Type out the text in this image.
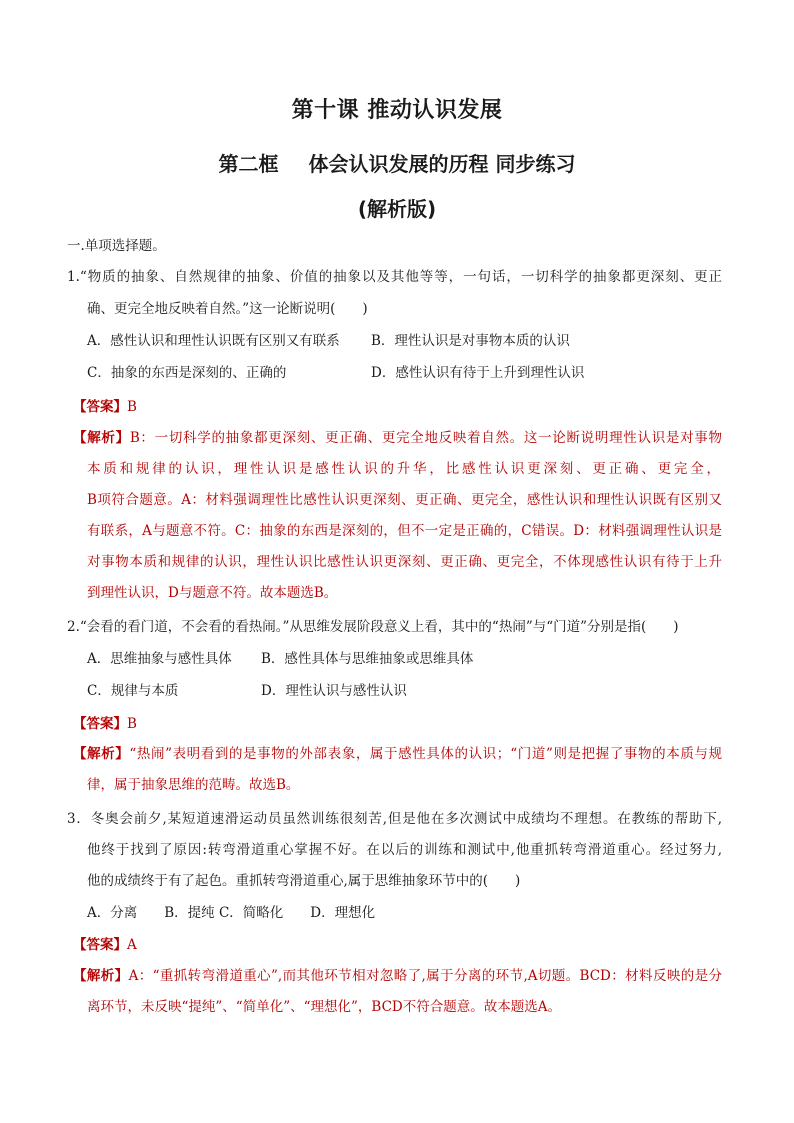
第十课 推动认识发展
第二框 体会认识发展的历程 同步练习
(解析版)
一.单项选择题。
1.“物质的抽象、自然规律的抽象、价值的抽象以及其他等等，一句话，一切科学的抽象都更深刻、更正
确、更完全地反映着自然。”这一论断说明(　　)
A．感性认识和理性认识既有区别又有联系 B．理性认识是对事物本质的认识
C．抽象的东西是深刻的、正确的	D．感性认识有待于上升到理性认识
【答案】B
【解析】B：一切科学的抽象都更深刻、更正确、更完全地反映着自然。这一论断说明理性认识是对事物
本质和规律的认识，理性认识是感性认识的升华，比感性认识更深刻、更正确、更完全，
B项符合题意。A：材料强调理性比感性认识更深刻、更正确、更完全，感性认识和理性认识既有区别又
有联系，A与题意不符。C：抽象的东西是深刻的，但不一定是正确的，C错误。D：材料强调理性认识是
对事物本质和规律的认识，理性认识比感性认识更深刻、更正确、更完全，不体现感性认识有待于上升
到理性认识，D与题意不符。故本题选B。
2.“会看的看门道，不会看的看热闹。”从思维发展阶段意义上看，其中的“热闹”与“门道”分别是指(　　)
A．思维抽象与感性具体 B．感性具体与思维抽象或思维具体
C．规律与本质	D．理性认识与感性认识
【答案】B
【解析】“热闹”表明看到的是事物的外部表象，属于感性具体的认识；“门道”则是把握了事物的本质与规
律，属于抽象思维的范畴。故选B。
3．冬奥会前夕,某短道速滑运动员虽然训练很刻苦,但是他在多次测试中成绩均不理想。在教练的帮助下,
他终于找到了原因:转弯滑道重心掌握不好。在以后的训练和测试中,他重抓转弯滑道重心。经过努力,
他的成绩终于有了起色。重抓转弯滑道重心,属于思维抽象环节中的(　　)
A．分离　　B．提纯 C．简略化　　D．理想化
【答案】A
【解析】A：“重抓转弯滑道重心”,而其他环节相对忽略了,属于分离的环节,A切题。BCD：材料反映的是分
离环节，未反映“提纯”、“简单化”、“理想化”，BCD不符合题意。故本题选A。
